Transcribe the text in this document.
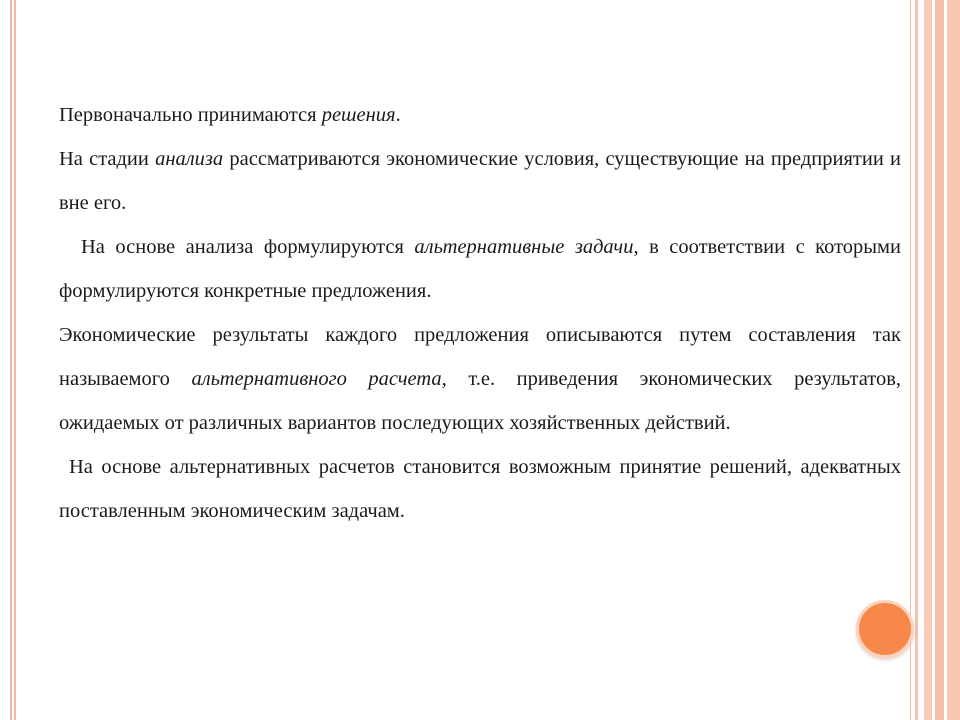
Первоначально принимаются решения.

На стадии анализа рассматриваются экономические условия, существующие на предприятии и вне его.

На основе анализа формулируются альтернативные задачи, в соответствии с которыми формулируются конкретные предложения.

Экономические результаты каждого предложения описываются путем составления так называемого альтернативного расчета, т.е. приведения экономических результатов, ожидаемых от различных вариантов последующих хозяйственных действий.

На основе альтернативных расчетов становится возможным принятие решений, адекватных поставленным экономическим задачам.
